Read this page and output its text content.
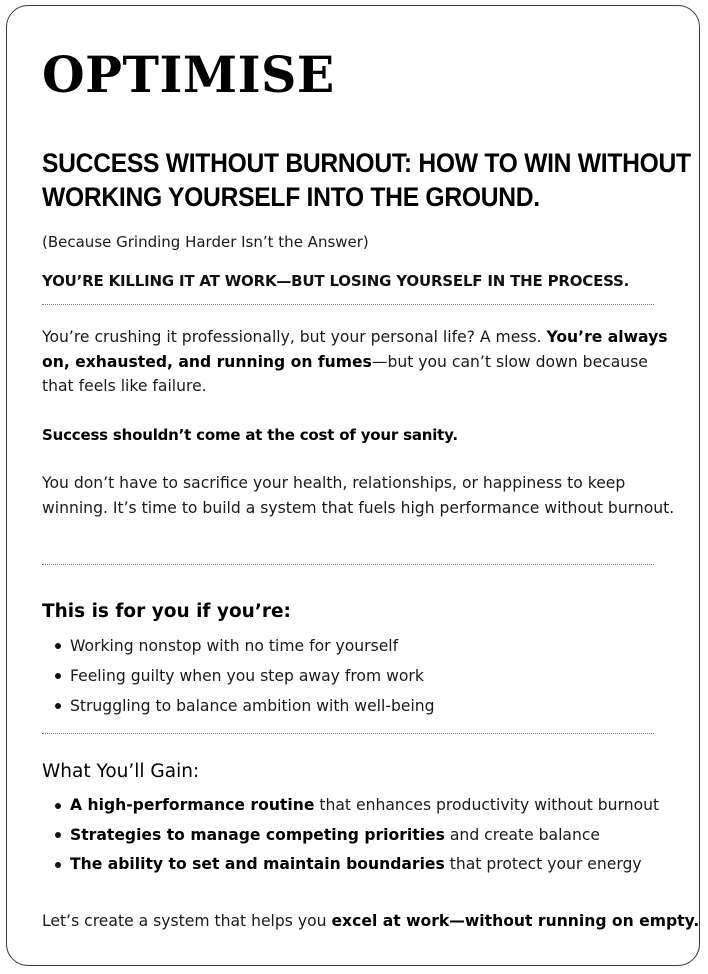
OPTIMISE
SUCCESS WITHOUT BURNOUT: HOW TO WIN WITHOUT
WORKING YOURSELF INTO THE GROUND.
(Because Grinding Harder Isn’t the Answer)
YOU’RE KILLING IT AT WORK—BUT LOSING YOURSELF IN THE PROCESS.
You’re crushing it professionally, but your personal life? A mess. You’re always on, exhausted, and running on fumes—but you can’t slow down because that feels like failure.
Success shouldn’t come at the cost of your sanity.
You don’t have to sacrifice your health, relationships, or happiness to keep winning. It’s time to build a system that fuels high performance without burnout.
This is for you if you’re:
Working nonstop with no time for yourself
Feeling guilty when you step away from work
Struggling to balance ambition with well-being
What You’ll Gain:
A high-performance routine that enhances productivity without burnout
Strategies to manage competing priorities and create balance
The ability to set and maintain boundaries that protect your energy
Let’s create a system that helps you excel at work—without running on empty.
